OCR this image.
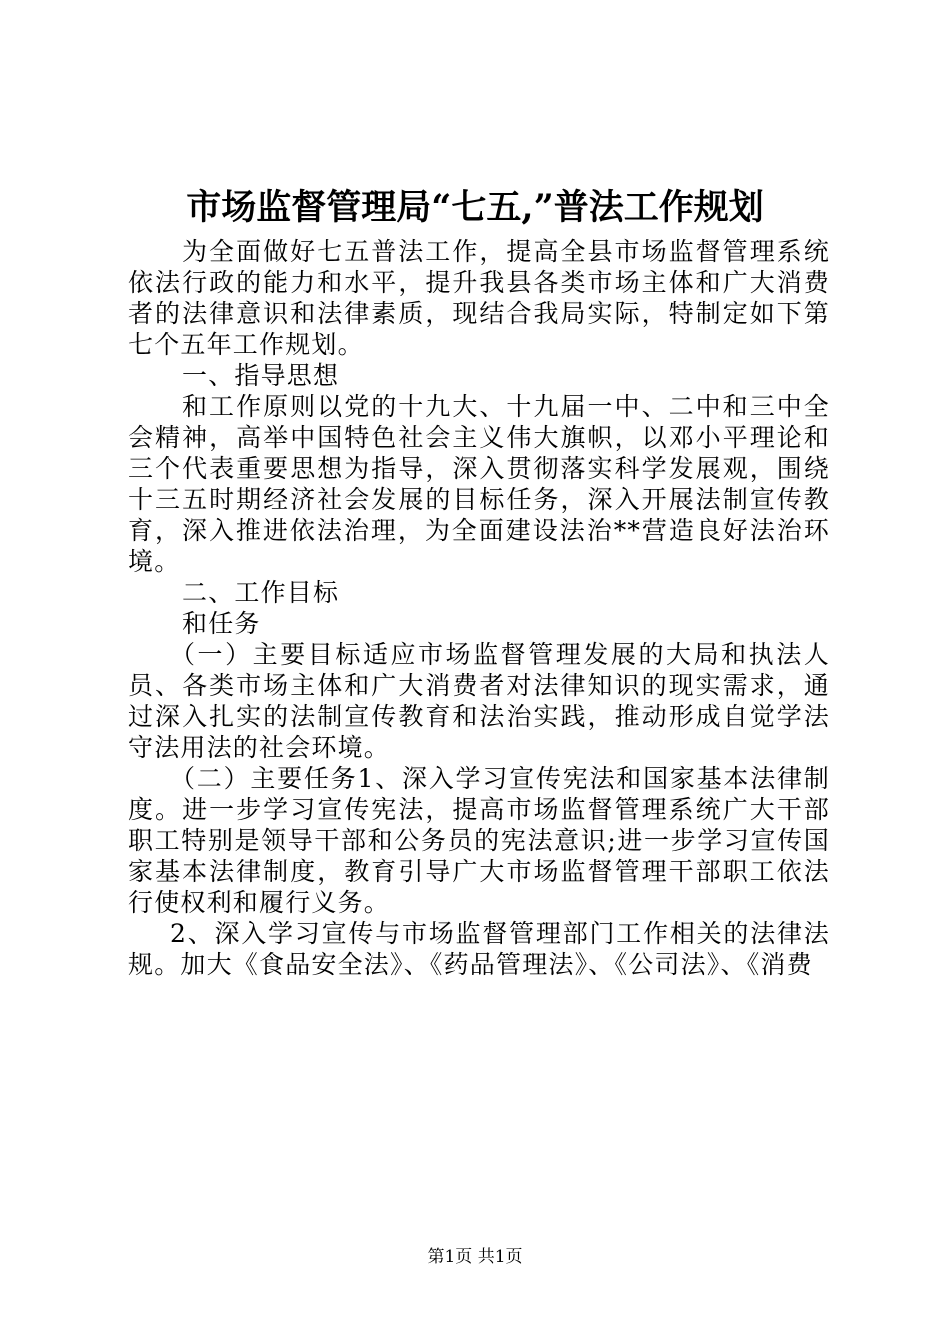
市场监督管理局“七五,”普法工作规划

为全面做好七五普法工作，提高全县市场监督管理系统依法行政的能力和水平，提升我县各类市场主体和广大消费者的法律意识和法律素质，现结合我局实际，特制定如下第七个五年工作规划。

一、指导思想

和工作原则以党的十九大、十九届一中、二中和三中全会精神，高举中国特色社会主义伟大旗帜，以邓小平理论和三个代表重要思想为指导，深入贯彻落实科学发展观，围绕十三五时期经济社会发展的目标任务，深入开展法制宣传教育，深入推进依法治理，为全面建设法治**营造良好法治环境。

二、工作目标

和任务

（一）主要目标适应市场监督管理发展的大局和执法人员、各类市场主体和广大消费者对法律知识的现实需求，通过深入扎实的法制宣传教育和法治实践，推动形成自觉学法守法用法的社会环境。

（二）主要任务1、深入学习宣传宪法和国家基本法律制度。进一步学习宣传宪法，提高市场监督管理系统广大干部职工特别是领导干部和公务员的宪法意识;进一步学习宣传国家基本法律制度，教育引导广大市场监督管理干部职工依法行使权利和履行义务。

2、深入学习宣传与市场监督管理部门工作相关的法律法规。加大《食品安全法》、《药品管理法》、《公司法》、《消费

第1页 共1页
